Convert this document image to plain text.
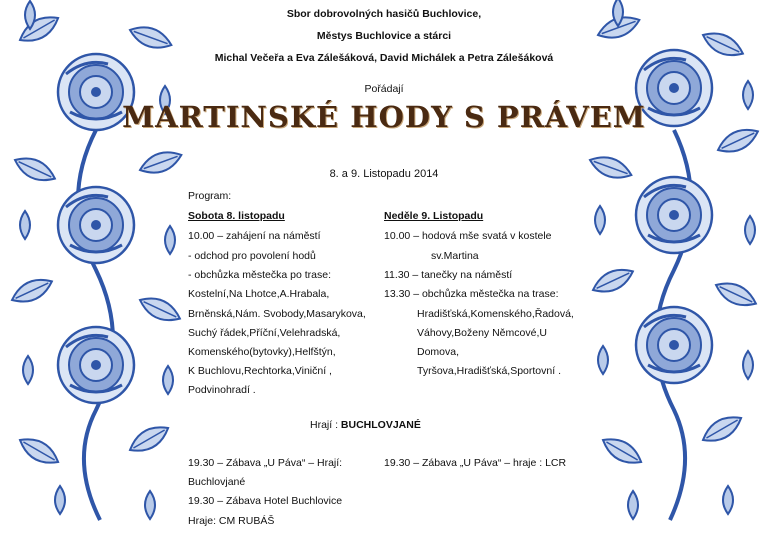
Sbor dobrovolných hasičů Buchlovice,
Městys Buchlovice a stárci
Michal Večeřa a Eva Zálešáková, David Michálek a Petra Zálešáková
Pořádají
MARTINSKÉ HODY S PRÁVEM
8. a 9. Listopadu 2014
Program:
Sobota 8. listopadu
10.00 – zahájení na náměstí
- odchod pro povolení hodů
- obchůzka městečka po trase:
Kostelní,Na Lhotce,A.Hrabala,
Brněnská,Nám. Svobody,Masarykova,
Suchý řádek,Příční,Velehradská,
Komenského(bytovky),Helfštýn,
K Buchlovu,Rechtorka,Viniční ,
Podvinohradí .
Neděle 9. Listopadu
10.00 – hodová mše svatá v kostele
sv.Martina
11.30 – tanečky na náměstí
13.30 – obchůzka městečka na trase:
Hradišťská,Komenského,Řadová,
Váhovy,Boženy Němcové,U
Domova,
Tyršova,Hradišťská,Sportovní .
Hrají : BUCHLOVJANÉ
19.30 – Zábava „U Páva“ – Hrají:
Buchlovjané
19.30 – Zábava Hotel Buchlovice
Hraje: CM RUBÁŠ
19.30 – Zábava „U Páva“ – hraje : LCR
